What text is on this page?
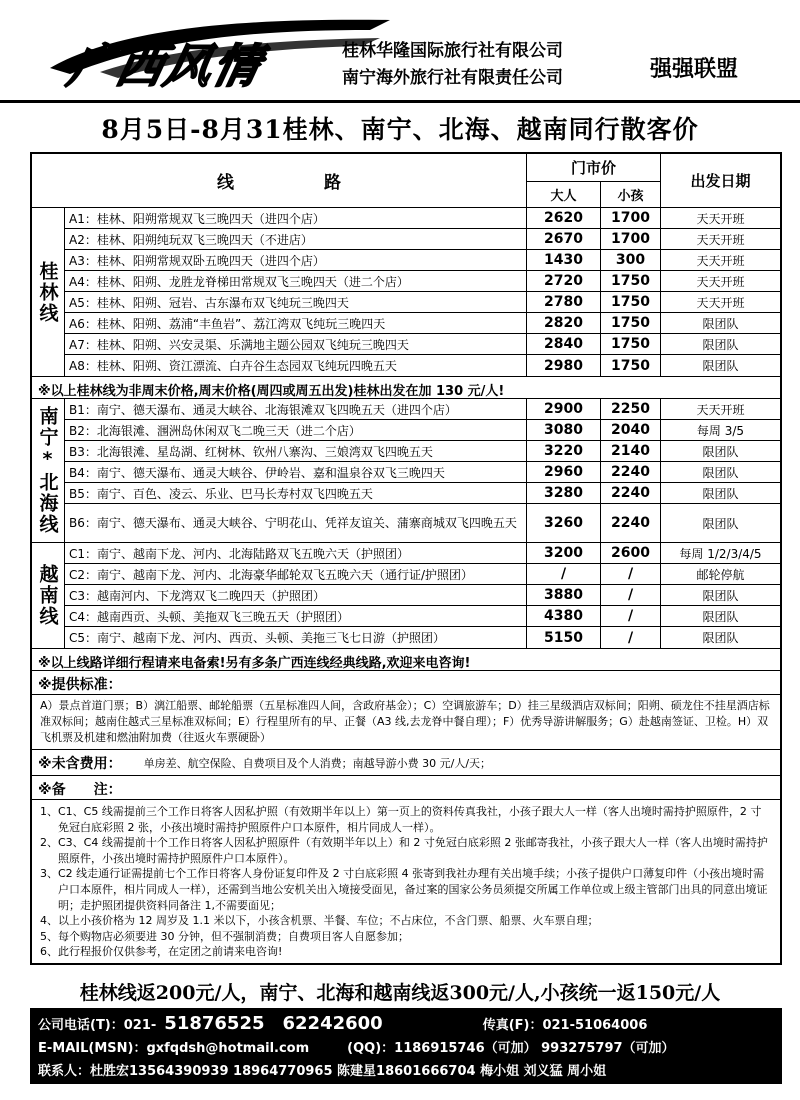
广西风情	桂林华隆国际旅行社有限公司
南宁海外旅行社有限责任公司	强强联盟
8月5日-8月31桂林、南宁、北海、越南同行散客价
线路
门市价
大人	小孩
出发日期
桂林线
A1：桂林、阳朔常规双飞三晚四天（进四个店）	2620	1700	天天开班
A2：桂林、阳朔纯玩双飞三晚四天（不进店）	2670	1700	天天开班
A3：桂林、阳朔常规双卧五晚四天（进四个店）	1430	300	天天开班
A4：桂林、阳朔、龙胜龙脊梯田常规双飞三晚四天（进二个店）	2720	1750	天天开班
A5：桂林、阳朔、冠岩、古东瀑布双飞纯玩三晚四天	2780	1750	天天开班
A6：桂林、阳朔、荔浦“丰鱼岩”、荔江湾双飞纯玩三晚四天	2820	1750	限团队
A7：桂林、阳朔、兴安灵渠、乐满地主题公园双飞纯玩三晚四天	2840	1750	限团队
A8：桂林、阳朔、资江漂流、白卉谷生态园双飞纯玩四晚五天	2980	1750	限团队
※以上桂林线为非周末价格,周末价格(周四或周五出发)桂林出发在加 130 元/人!
南宁*北海线 B1：南宁、德天瀑布、通灵大峡谷、北海银滩双飞四晚五天（进四个店）	2900	2250	天天开班
B2：北海银滩、涠洲岛休闲双飞二晚三天（进二个店）	3080	2040	每周 3/5
B3：北海银滩、星岛湖、红树林、钦州八寨沟、三娘湾双飞四晚五天	3220	2140	限团队
B4：南宁、德天瀑布、通灵大峡谷、伊岭岩、嘉和温泉谷双飞三晚四天	2960	2240	限团队
B5：南宁、百色、凌云、乐业、巴马长寿村双飞四晚五天	3280	2240	限团队
B6：南宁、德天瀑布、通灵大峡谷、宁明花山、凭祥友谊关、蒲寨商城双飞四晚五天	3260	2240	限团队
越南线
C1：南宁、越南下龙、河内、北海陆路双飞五晚六天（护照团）	3200	2600	每周 1/2/3/4/5
C2：南宁、越南下龙、河内、北海豪华邮轮双飞五晚六天（通行证/护照团）	/	/	邮轮停航
C3：越南河内、下龙湾双飞二晚四天（护照团）	3880	/	限团队
C4：越南西贡、头顿、美拖双飞三晚五天（护照团）	4380	/	限团队
C5：南宁、越南下龙、河内、西贡、头顿、美拖三飞七日游（护照团）	5150	/	限团队
※以上线路详细行程请来电备索!另有多条广西连线经典线路,欢迎来电咨询!
※提供标准：
A）景点首道门票；B）漓江船票、邮轮船票（五星标准四人间，含政府基金）；C）空调旅游车；D）挂三星级酒店双标间；阳朔、硕龙住不挂星酒店标准双标间；越南住越式三星标准双标间；E）行程里所有的早、正餐（A3 线,去龙脊中餐自理）；F）优秀导游讲解服务；G）赴越南签证、卫检。H）双飞机票及机建和燃油附加费（往返火车票硬卧）
※未含费用： 单房差、航空保险、自费项目及个人消费；南越导游小费 30 元/人/天；
※备　　注：
1、 C1、C5 线需提前三个工作日将客人因私护照（有效期半年以上）第一页上的资料传真我社，小孩子跟大人一样（客人出境时需持护照原件，2 寸免冠白底彩照 2 张，小孩出境时需持护照原件户口本原件，相片同成人一样）。
2、 C3、C4 线需提前十个工作日将客人因私护照原件（有效期半年以上）和 2 寸免冠白底彩照 2 张邮寄我社，小孩子跟大人一样（客人出境时需持护照原件，小孩出境时需持护照原件户口本原件）。
3、 C2 线走通行证需提前七个工作日将客人身份证复印件及 2 寸白底彩照 4 张寄到我社办理有关出境手续；小孩子提供户口薄复印件（小孩出境时需户口本原件，相片同成人一样），还需到当地公安机关出入境接受面见，备过案的国家公务员须提交所属工作单位或上级主管部门出具的同意出境证明；走护照团提供资料同备注 1,不需要面见；
4、 以上小孩价格为 12 周岁及 1.1 米以下，小孩含机票、半餐、车位；不占床位，不含门票、船票、火车票自理；
5、 每个购物店必须要进 30 分钟，但不强制消费；自费项目客人自愿参加；
6、 此行程报价仅供参考，在定团之前请来电咨询!
桂林线返200元/人，南宁、北海和越南线返300元/人,小孩统一返150元/人
公司电话(T)：021- 51876525 62242600	传真(F)：021-51064006
E-MAIL(MSN)：gxfqdsh@hotmail.com	(QQ)：1186915746（可加） 993275797（可加）
联系人：杜胜宏13564390939 18964770965 陈建星18601666704 梅小姐 刘义猛 周小姐
